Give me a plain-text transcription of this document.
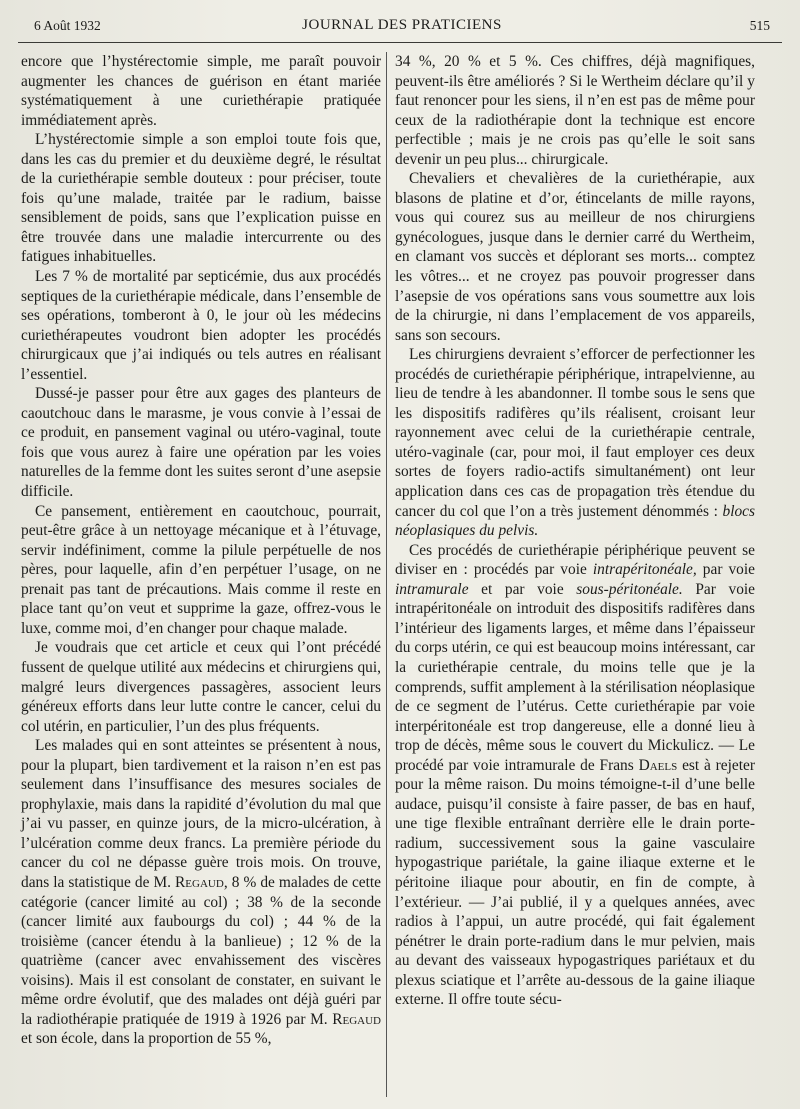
6 Août 1932	JOURNAL DES PRATICIENS	515

encore que l’hystérectomie simple, me paraît pouvoir augmenter les chances de guérison en étant mariée systématiquement à une curiethérapie pratiquée immédiatement après.

L’hystérectomie simple a son emploi toute fois que, dans les cas du premier et du deuxième degré, le résultat de la curiethérapie semble douteux : pour préciser, toute fois qu’une malade, traitée par le radium, baisse sensiblement de poids, sans que l’explication puisse en être trouvée dans une maladie intercurrente ou des fatigues inhabituelles.

Les 7 % de mortalité par septicémie, dus aux procédés septiques de la curiethérapie médicale, dans l’ensemble de ses opérations, tomberont à 0, le jour où les médecins curiethérapeutes voudront bien adopter les procédés chirurgicaux que j’ai indiqués ou tels autres en réalisant l’essentiel.

Dussé-je passer pour être aux gages des planteurs de caoutchouc dans le marasme, je vous convie à l’essai de ce produit, en pansement vaginal ou utéro-vaginal, toute fois que vous aurez à faire une opération par les voies naturelles de la femme dont les suites seront d’une asepsie difficile.

Ce pansement, entièrement en caoutchouc, pourrait, peut-être grâce à un nettoyage mécanique et à l’étuvage, servir indéfiniment, comme la pilule perpétuelle de nos pères, pour laquelle, afin d’en perpétuer l’usage, on ne prenait pas tant de précautions. Mais comme il reste en place tant qu’on veut et supprime la gaze, offrez-vous le luxe, comme moi, d’en changer pour chaque malade.

Je voudrais que cet article et ceux qui l’ont précédé fussent de quelque utilité aux médecins et chirurgiens qui, malgré leurs divergences passagères, associent leurs généreux efforts dans leur lutte contre le cancer, celui du col utérin, en particulier, l’un des plus fréquents.

Les malades qui en sont atteintes se présentent à nous, pour la plupart, bien tardivement et la raison n’en est pas seulement dans l’insuffisance des mesures sociales de prophylaxie, mais dans la rapidité d’évolution du mal que j’ai vu passer, en quinze jours, de la micro-ulcération, à l’ulcération comme deux francs. La première période du cancer du col ne dépasse guère trois mois. On trouve, dans la statistique de M. Regaud, 8 % de malades de cette catégorie (cancer limité au col) ; 38 % de la seconde (cancer limité aux faubourgs du col) ; 44 % de la troisième (cancer étendu à la banlieue) ; 12 % de la quatrième (cancer avec envahissement des viscères voisins). Mais il est consolant de constater, en suivant le même ordre évolutif, que des malades ont déjà guéri par la radiothérapie pratiquée de 1919 à 1926 par M. Regaud et son école, dans la proportion de 55 %,

34 %, 20 % et 5 %. Ces chiffres, déjà magnifiques, peuvent-ils être améliorés ? Si le Wertheim déclare qu’il y faut renoncer pour les siens, il n’en est pas de même pour ceux de la radiothérapie dont la technique est encore perfectible ; mais je ne crois pas qu’elle le soit sans devenir un peu plus... chirurgicale.

Chevaliers et chevalières de la curiethérapie, aux blasons de platine et d’or, étincelants de mille rayons, vous qui courez sus au meilleur de nos chirurgiens gynécologues, jusque dans le dernier carré du Wertheim, en clamant vos succès et déplorant ses morts... comptez les vôtres... et ne croyez pas pouvoir progresser dans l’asepsie de vos opérations sans vous soumettre aux lois de la chirurgie, ni dans l’emplacement de vos appareils, sans son secours.

Les chirurgiens devraient s’efforcer de perfectionner les procédés de curiethérapie périphérique, intrapelvienne, au lieu de tendre à les abandonner. Il tombe sous le sens que les dispositifs radifères qu’ils réalisent, croisant leur rayonnement avec celui de la curiethérapie centrale, utéro-vaginale (car, pour moi, il faut employer ces deux sortes de foyers radio-actifs simultanément) ont leur application dans ces cas de propagation très étendue du cancer du col que l’on a très justement dénommés : blocs néoplasiques du pelvis.

Ces procédés de curiethérapie périphérique peuvent se diviser en : procédés par voie intrapéritonéale, par voie intramurale et par voie sous-péritonéale. Par voie intrapéritonéale on introduit des dispositifs radifères dans l’intérieur des ligaments larges, et même dans l’épaisseur du corps utérin, ce qui est beaucoup moins intéressant, car la curiethérapie centrale, du moins telle que je la comprends, suffit amplement à la stérilisation néoplasique de ce segment de l’utérus. Cette curiethérapie par voie interpéritonéale est trop dangereuse, elle a donné lieu à trop de décès, même sous le couvert du Mickulicz. — Le procédé par voie intramurale de Frans Daels est à rejeter pour la même raison. Du moins témoigne-t-il d’une belle audace, puisqu’il consiste à faire passer, de bas en hauf, une tige flexible entraînant derrière elle le drain porte-radium, successivement sous la gaine vasculaire hypogastrique pariétale, la gaine iliaque externe et le péritoine iliaque pour aboutir, en fin de compte, à l’extérieur. — J’ai publié, il y a quelques années, avec radios à l’appui, un autre procédé, qui fait également pénétrer le drain porte-radium dans le mur pelvien, mais au devant des vaisseaux hypogastriques pariétaux et du plexus sciatique et l’arrête au-dessous de la gaine iliaque externe. Il offre toute sécu-
